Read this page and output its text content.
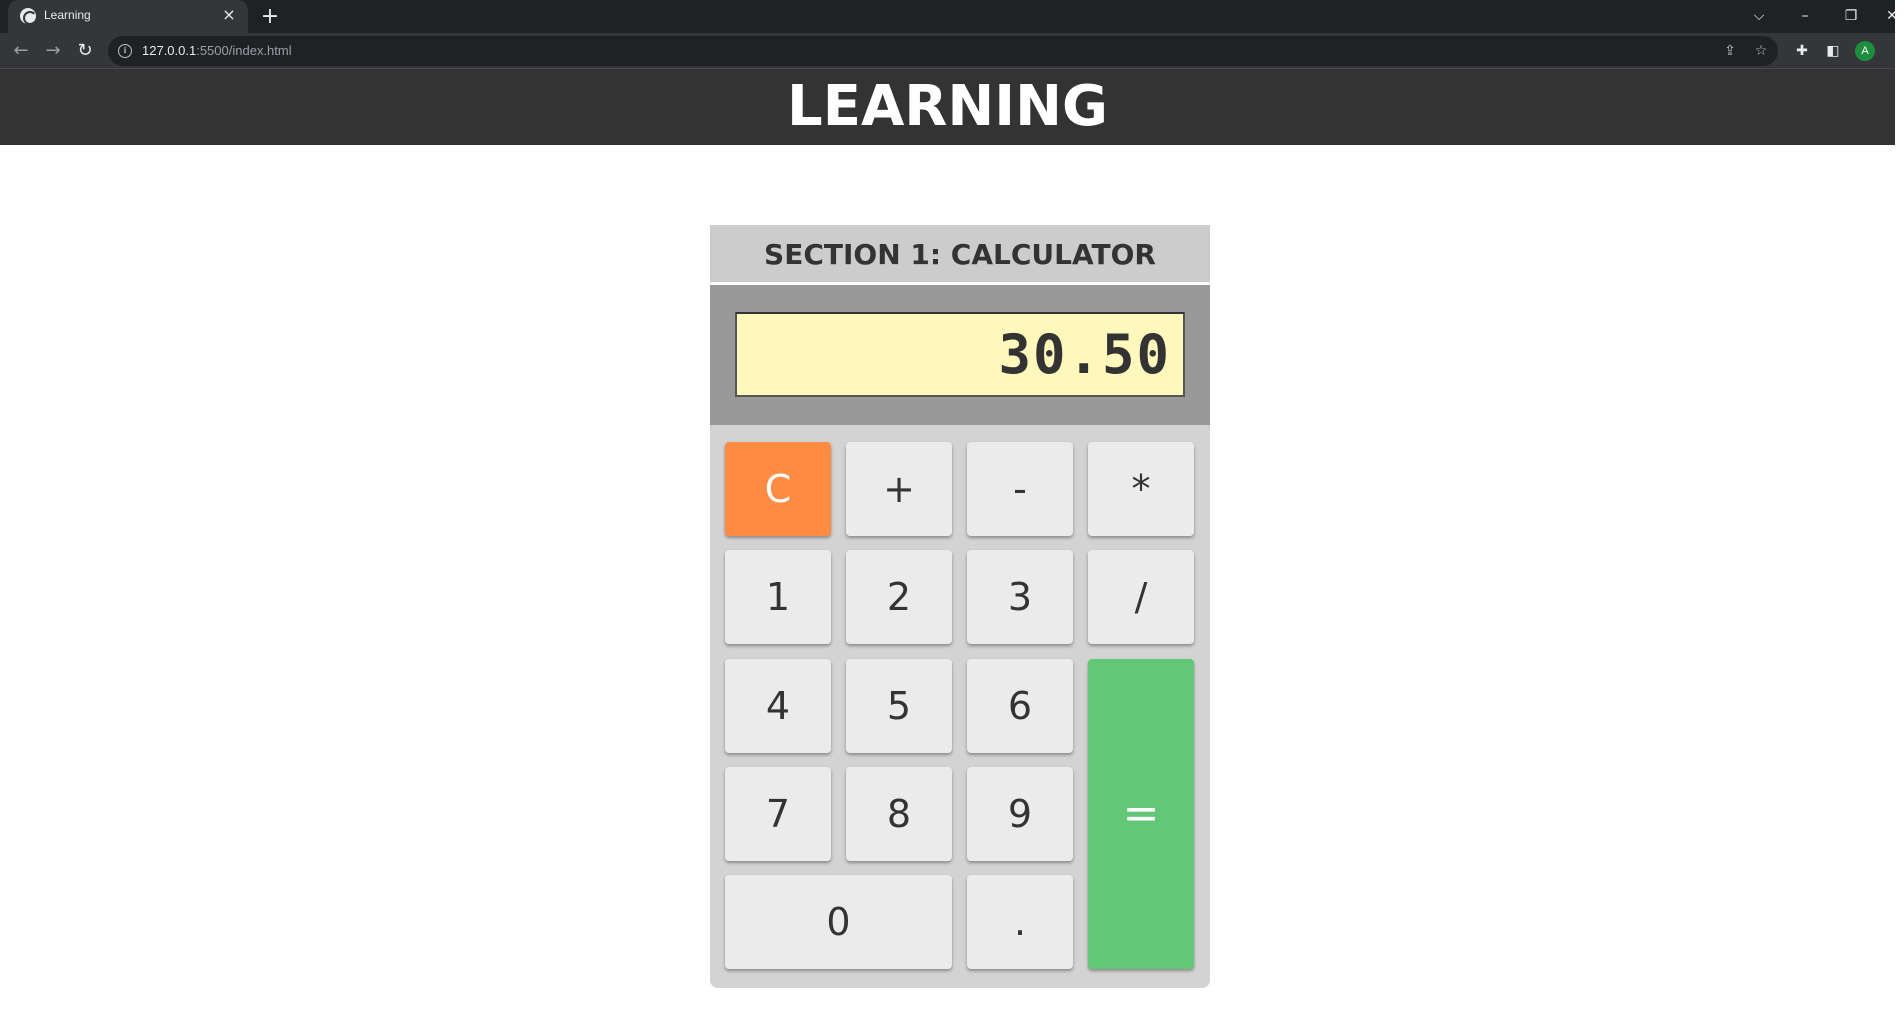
Learning	× +	⌵	–	❐	✕
← → ↻	i	127.0.0.1:5500/index.html	⇪ ☆ ✚ ◧	A
LEARNING
SECTION 1: CALCULATOR
30.50
C	+	-	*
1	2	3	/
4	5	6
=
7	8	9
0	.
